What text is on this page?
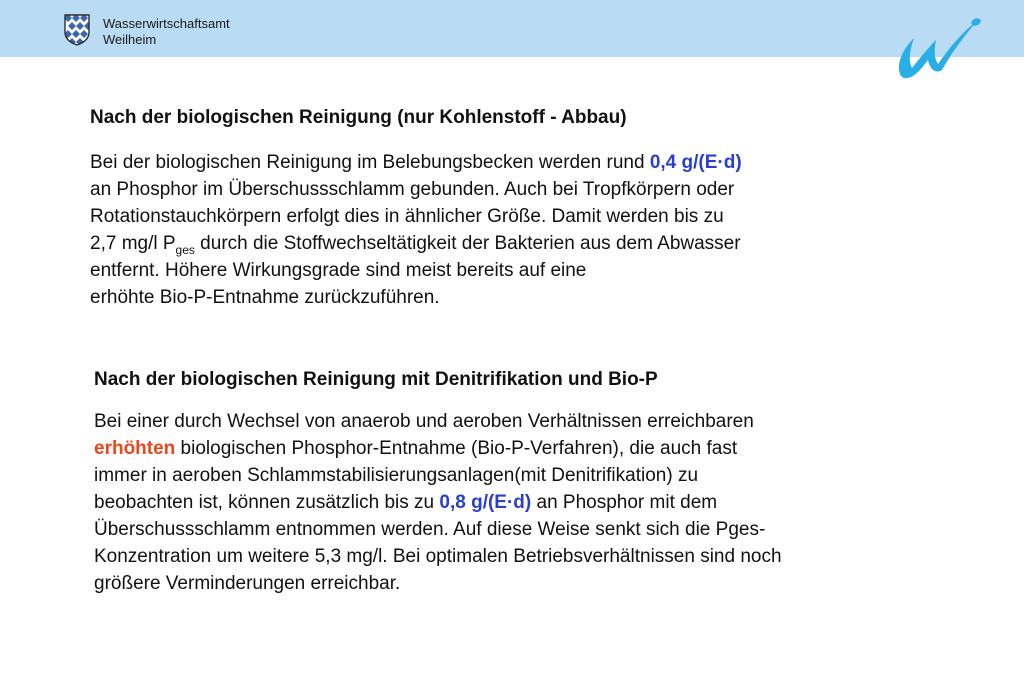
Wasserwirtschaftsamt
Weilheim
Nach der biologischen Reinigung (nur Kohlenstoff - Abbau)
Bei der biologischen Reinigung im Belebungsbecken werden rund 0,4 g/(E·d)
an Phosphor im Überschussschlamm gebunden. Auch bei Tropfkörpern oder
Rotationstauchkörpern erfolgt dies in ähnlicher Größe. Damit werden bis zu
2,7 mg/l $P_{ges}$ durch die Stoffwechseltätigkeit der Bakterien aus dem Abwasser
entfernt. Höhere Wirkungsgrade sind meist bereits auf eine
erhöhte Bio-P-Entnahme zurückzuführen.
Nach der biologischen Reinigung mit Denitrifikation und Bio-P
Bei einer durch Wechsel von anaerob und aeroben Verhältnissen erreichbaren
erhöhten biologischen Phosphor-Entnahme (Bio-P-Verfahren), die auch fast
immer in aeroben Schlammstabilisierungsanlagen(mit Denitrifikation) zu
beobachten ist, können zusätzlich bis zu 0,8 g/(E·d) an Phosphor mit dem
Überschussschlamm entnommen werden. Auf diese Weise senkt sich die Pges-
Konzentration um weitere 5,3 mg/l. Bei optimalen Betriebsverhältnissen sind noch
größere Verminderungen erreichbar.
